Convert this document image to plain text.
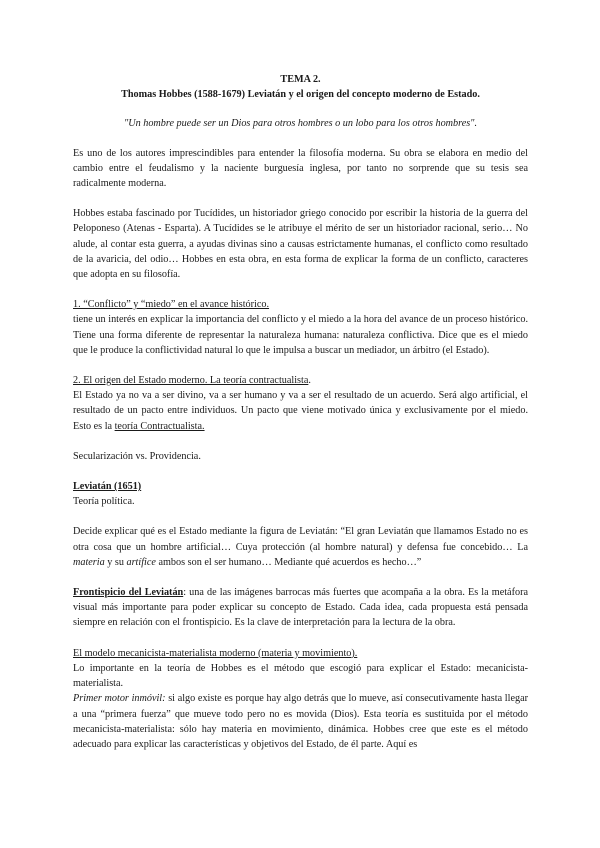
TEMA 2.

Thomas Hobbes (1588-1679) Leviatán y el origen del concepto moderno de Estado.

"Un hombre puede ser un Dios para otros hombres o un lobo para los otros hombres".

Es uno de los autores imprescindibles para entender la filosofía moderna. Su obra se elabora en medio del cambio entre el feudalismo y la naciente burguesía inglesa, por tanto no sorprende que su tesis sea radicalmente moderna.

Hobbes estaba fascinado por Tucídides, un historiador griego conocido por escribir la historia de la guerra del Peloponeso (Atenas - Esparta). A Tucídides se le atribuye el mérito de ser un historiador racional, serio… No alude, al contar esta guerra, a ayudas divinas sino a causas estrictamente humanas, el conflicto como resultado de la avaricia, del odio… Hobbes en esta obra, en esta forma de explicar la forma de un conflicto, caracteres que adopta en su filosofía.

1. “Conflicto” y “miedo” en el avance histórico.

tiene un interés en explicar la importancia del conflicto y el miedo a la hora del avance de un proceso histórico. Tiene una forma diferente de representar la naturaleza humana: naturaleza conflictiva. Dice que es el miedo que le produce la conflictividad natural lo que le impulsa a buscar un mediador, un árbitro (el Estado).

2. El origen del Estado moderno. La teoría contractualista.

El Estado ya no va a ser divino, va a ser humano y va a ser el resultado de un acuerdo. Será algo artificial, el resultado de un pacto entre individuos. Un pacto que viene motivado única y exclusivamente por el miedo. Esto es la teoría Contractualista.

Secularización vs. Providencia.

Leviatán (1651)

Teoría política.

Decide explicar qué es el Estado mediante la figura de Leviatán: “El gran Leviatán que llamamos Estado no es otra cosa que un hombre artificial… Cuya protección (al hombre natural) y defensa fue concebido… La materia y su artífice ambos son el ser humano… Mediante qué acuerdos es hecho…”

Frontispicio del Leviatán: una de las imágenes barrocas más fuertes que acompaña a la obra. Es la metáfora visual más importante para poder explicar su concepto de Estado. Cada idea, cada propuesta está pensada siempre en relación con el frontispicio. Es la clave de interpretación para la lectura de la obra.

El modelo mecanicista-materialista moderno (materia y movimiento).

Lo importante en la teoría de Hobbes es el método que escogió para explicar el Estado: mecanicista-materialista.

Primer motor inmóvil: si algo existe es porque hay algo detrás que lo mueve, así consecutivamente hasta llegar a una “primera fuerza” que mueve todo pero no es movida (Dios). Esta teoría es sustituida por el método mecanicista-materialista: sólo hay materia en movimiento, dinámica. Hobbes cree que este es el método adecuado para explicar las características y objetivos del Estado, de él parte. Aquí es
